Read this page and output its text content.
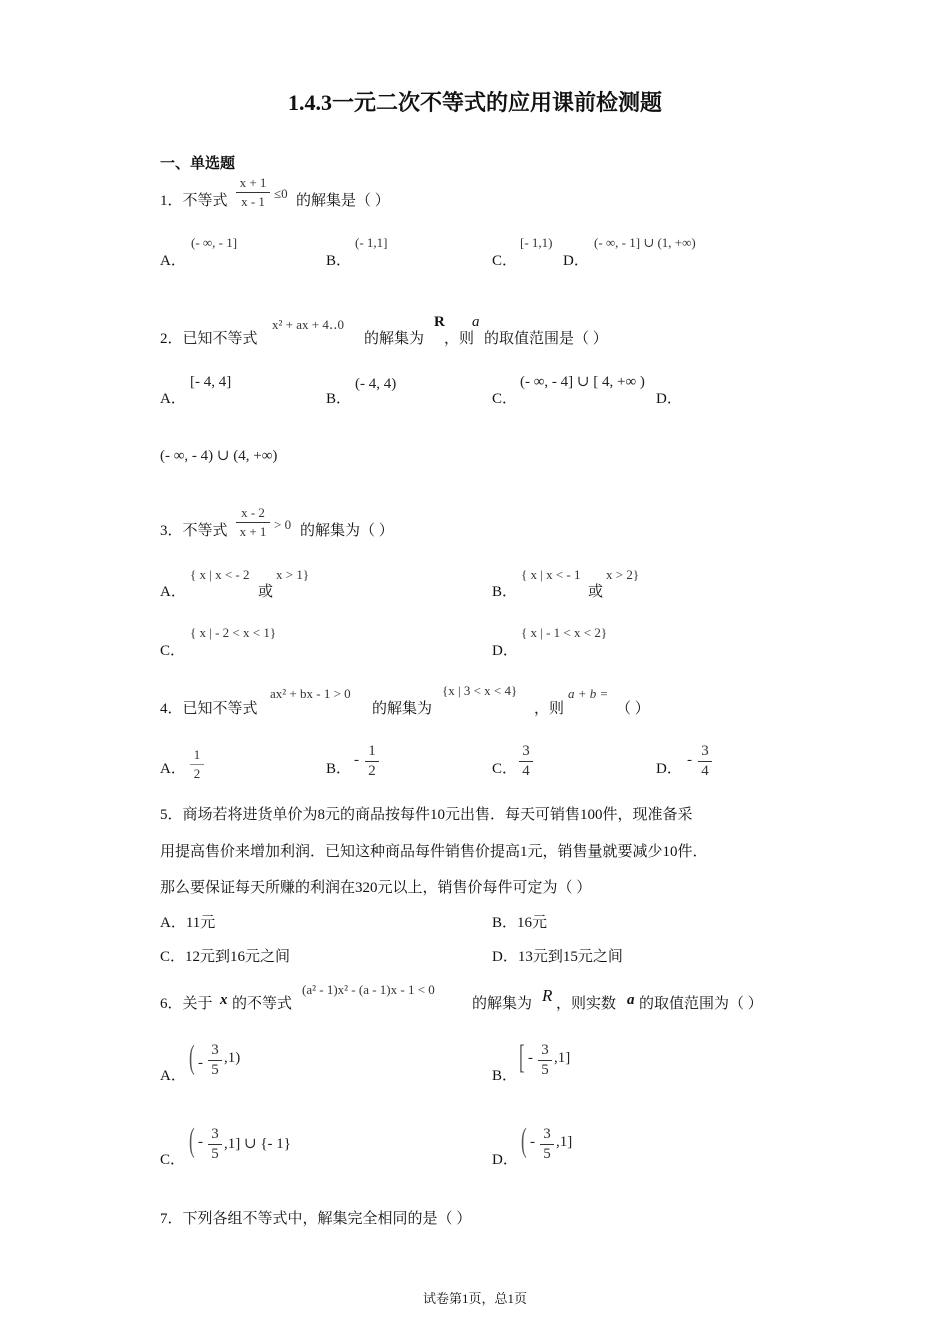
1.4.3一元二次不等式的应用课前检测题
一、单选题
1．不等式 $\frac{x + 1}{x - 1} \le 0$ 的解集是（ ）
A．
(- ∞, - 1]
B．
(- 1,1]
C．
[- 1,1)
D．
(- ∞, - 1] ∪ (1, +∞)
2．已知不等式
x² + ax + 4‥0
的解集为
R
，则
a
的取值范围是（ ）
A．
[- 4, 4]
B．
(- 4, 4)
C．
(- ∞, - 4] ∪ [ 4, +∞ )
D．
(- ∞, - 4) ∪ (4, +∞)
3．不等式 $\frac{x - 2}{x + 1} > 0$ 的解集为（ ）
A．
{ x | x < - 2
或
x > 1}
B．
{ x | x < - 1
或
x > 2}
C．
{ x | - 2 < x < 1}
D．
{ x | - 1 < x < 2}
4．已知不等式
ax² + bx - 1 > 0
的解集为
{x | 3 < x < 4}
，则
a + b =
（ ）
A． $\frac{1}{2}$	B．
- $\frac{1}{2}$	C． $\frac{3}{4}$	D．
- $\frac{3}{4}$
5．商场若将进货单价为8元的商品按每件10元出售．每天可销售100件，现准备采
用提高售价来增加利润．已知这种商品每件销售价提高1元，销售量就要减少10件．
那么要保证每天所赚的利润在320元以上，销售价每件可定为（ ）
A．11元	B．16元
C．12元到16元之间	D．13元到15元之间
6．关于 x 的不等式
(a² - 1)x² - (a - 1)x - 1 < 0
的解集为 R ，则实数 a 的取值范围为（ ）
A． ( - $\frac{3}{5} ,1$)
B． [ - $\frac{3}{5} ,1$]
C．
( - $\frac{3}{5} ,1$] ∪ {- 1}
D．
( - $\frac{3}{5} ,1$]
7．下列各组不等式中，解集完全相同的是（ ）
试卷第1页，总1页
